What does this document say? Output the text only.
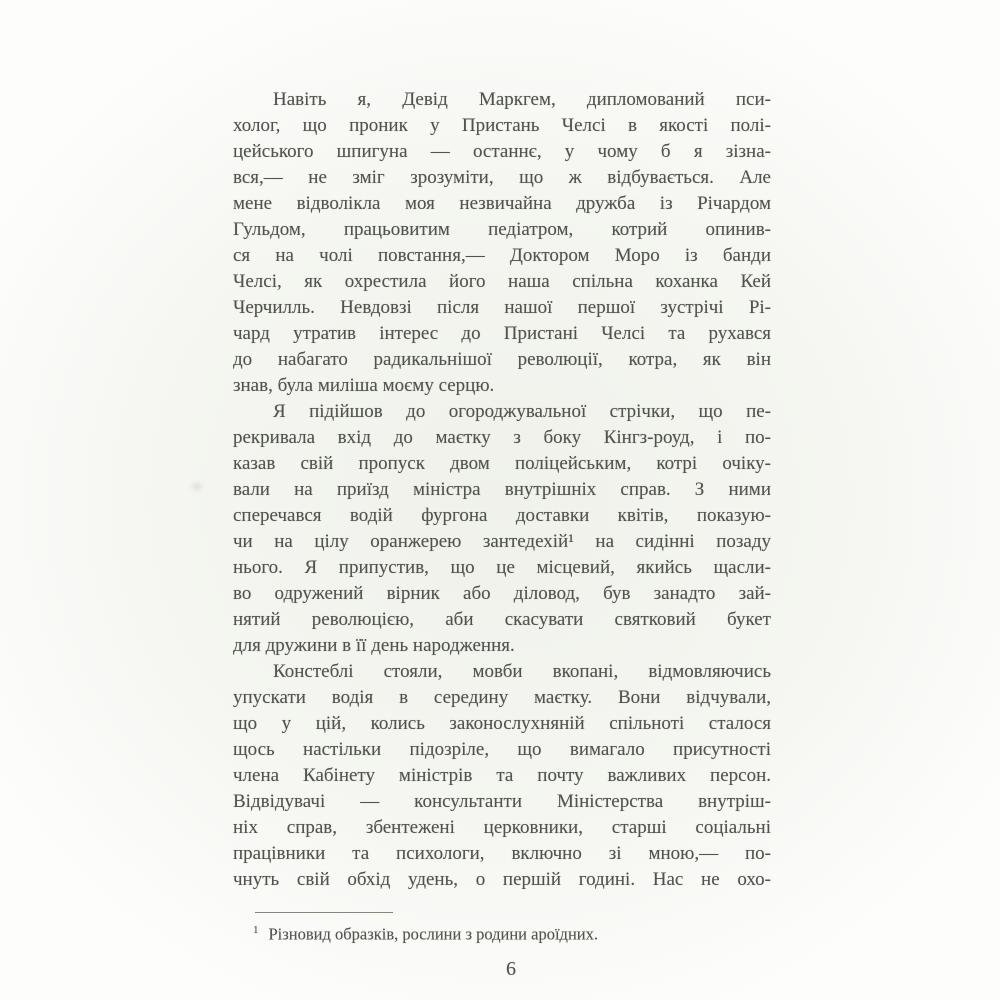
Навіть я, Девід Маркгем, дипломований пси-
холог, що проник у Пристань Челсі в якості полі-
цейського шпигуна — останнє, у чому б я зізна-
вся,— не зміг зрозуміти, що ж відбувається. Але
мене відволікла моя незвичайна дружба із Річардом
Гульдом, працьовитим педіатром, котрий опинив-
ся на чолі повстання,— Доктором Моро із банди
Челсі, як охрестила його наша спільна коханка Кей
Черчилль. Невдовзі після нашої першої зустрічі Рі-
чард утратив інтерес до Пристані Челсі та рухався
до набагато радикальнішої революції, котра, як він
знав, була миліша моєму серцю.
Я підійшов до огороджувальної стрічки, що пе-
рекривала вхід до маєтку з боку Кінгз-роуд, і по-
казав свій пропуск двом поліцейським, котрі очіку-
вали на приїзд міністра внутрішніх справ. З ними
сперечався водій фургона доставки квітів, показую-
чи на цілу оранжерею зантедехій¹ на сидінні позаду
нього. Я припустив, що це місцевий, якийсь щасли-
во одружений вірник або діловод, був занадто зай-
нятий революцією, аби скасувати святковий букет
для дружини в її день народження.
Констеблі стояли, мовби вкопані, відмовляючись
упускати водія в середину маєтку. Вони відчували,
що у цій, колись законослухняній спільноті сталося
щось настільки підозріле, що вимагало присутності
члена Кабінету міністрів та почту важливих персон.
Відвідувачі — консультанти Міністерства внутріш-
ніх справ, збентежені церковники, старші соціальні
працівники та психологи, включно зі мною,— по-
чнуть свій обхід удень, о першій годині. Нас не охо-
$^1$ Різновид образків, рослини з родини ароїдних.
6
